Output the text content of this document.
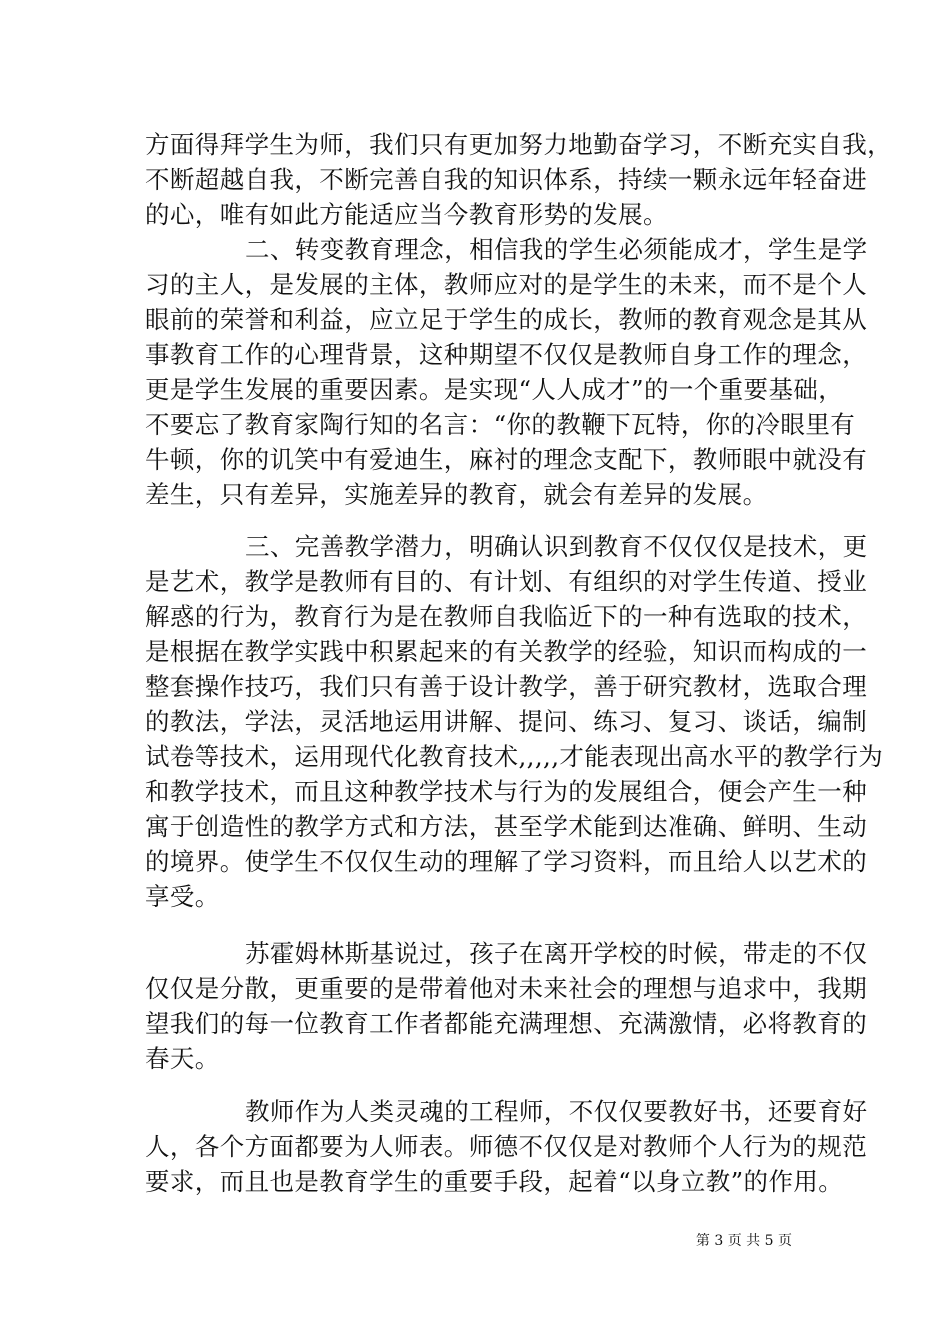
方面得拜学生为师，我们只有更加努力地勤奋学习，不断充实自我，
不断超越自我，不断完善自我的知识体系，持续一颗永远年轻奋进
的心，唯有如此方能适应当今教育形势的发展。
二、转变教育理念，相信我的学生必须能成才，学生是学
习的主人，是发展的主体，教师应对的是学生的未来，而不是个人
眼前的荣誉和利益，应立足于学生的成长，教师的教育观念是其从
事教育工作的心理背景，这种期望不仅仅是教师自身工作的理念，
更是学生发展的重要因素。是实现“人人成才”的一个重要基础，
不要忘了教育家陶行知的名言：“你的教鞭下瓦特，你的冷眼里有
牛顿，你的讥笑中有爱迪生，麻衬的理念支配下，教师眼中就没有
差生，只有差异，实施差异的教育，就会有差异的发展。
三、完善教学潜力，明确认识到教育不仅仅仅是技术，更
是艺术，教学是教师有目的、有计划、有组织的对学生传道、授业
解惑的行为，教育行为是在教师自我临近下的一种有选取的技术，
是根据在教学实践中积累起来的有关教学的经验，知识而构成的一
整套操作技巧，我们只有善于设计教学，善于研究教材，选取合理
的教法，学法，灵活地运用讲解、提问、练习、复习、谈话，编制
试卷等技术，运用现代化教育技术,,,,,才能表现出高水平的教学行为
和教学技术，而且这种教学技术与行为的发展组合，便会产生一种
寓于创造性的教学方式和方法，甚至学术能到达准确、鲜明、生动
的境界。使学生不仅仅生动的理解了学习资料，而且给人以艺术的
享受。
苏霍姆林斯基说过，孩子在离开学校的时候，带走的不仅
仅仅是分散，更重要的是带着他对未来社会的理想与追求中，我期
望我们的每一位教育工作者都能充满理想、充满激情，必将教育的
春天。
教师作为人类灵魂的工程师，不仅仅要教好书，还要育好
人，各个方面都要为人师表。师德不仅仅是对教师个人行为的规范
要求，而且也是教育学生的重要手段，起着“以身立教”的作用。
第 3 页 共 5 页
